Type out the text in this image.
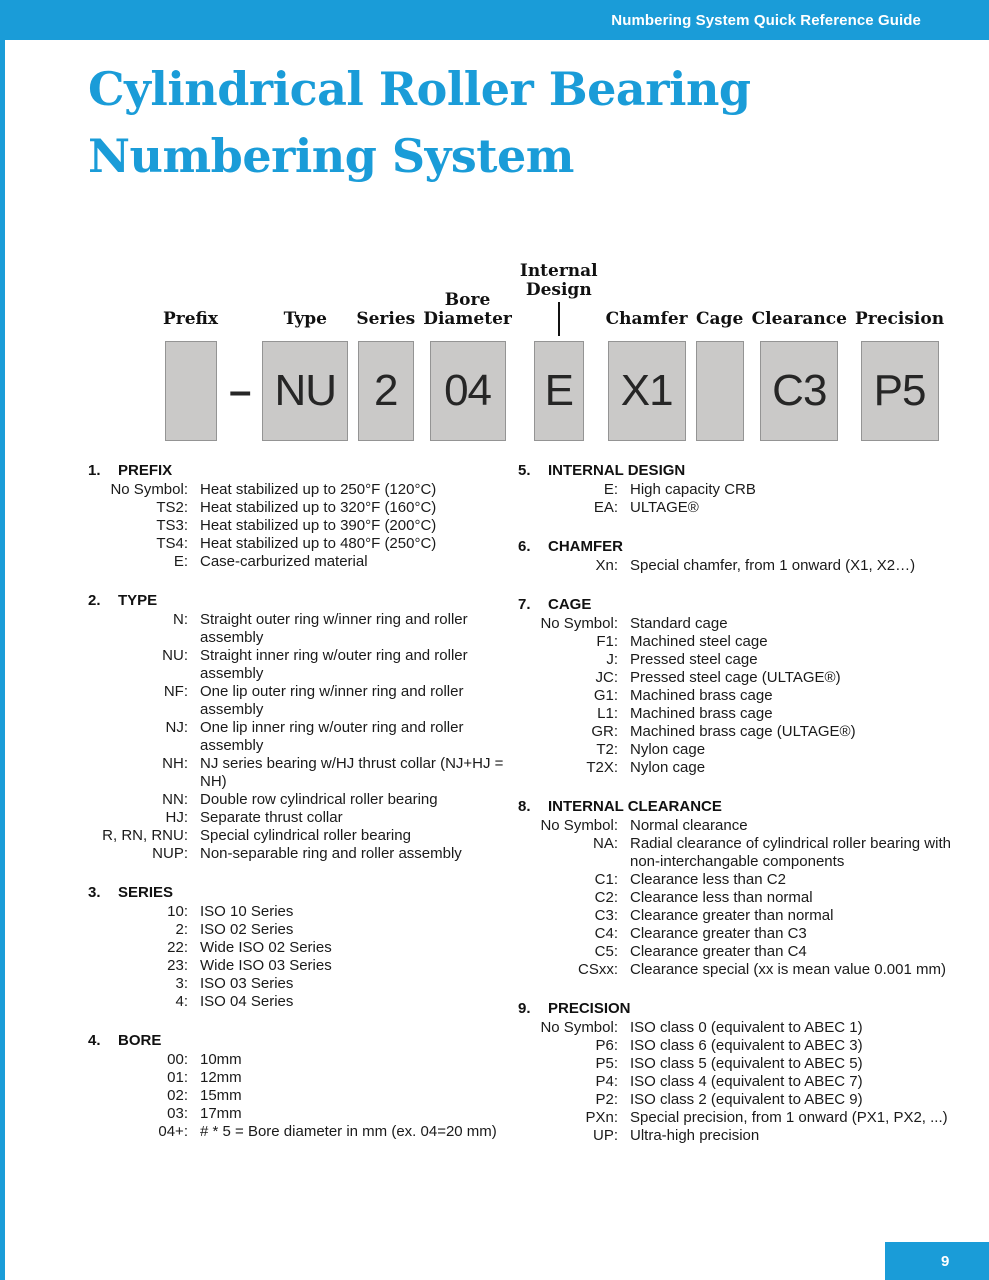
Numbering System Quick Reference Guide
Cylindrical Roller Bearing
Numbering System
Prefix
–
Type
NU
Series
2
Bore
Diameter
04
Internal
Design
E
Chamfer
X1
Cage Clearance
C3
Precision
P5
1.	PREFIX
No Symbol: Heat stabilized up to 250°F (120°C)
TS2: Heat stabilized up to 320°F (160°C)
TS3: Heat stabilized up to 390°F (200°C)
TS4: Heat stabilized up to 480°F (250°C)
E: Case-carburized material
2.	TYPE
N: Straight outer ring w/inner ring and roller assembly
NU: Straight inner ring w/outer ring and roller assembly
NF: One lip outer ring w/inner ring and roller assembly
NJ: One lip inner ring w/outer ring and roller assembly
NH: NJ series bearing w/HJ thrust collar (NJ+HJ = NH)
NN: Double row cylindrical roller bearing
HJ: Separate thrust collar
R, RN, RNU: Special cylindrical roller bearing
NUP: Non-separable ring and roller assembly
3.	SERIES
10: ISO 10 Series
2: ISO 02 Series
22: Wide ISO 02 Series
23: Wide ISO 03 Series
3: ISO 03 Series
4: ISO 04 Series
4.	BORE
00: 10mm
01: 12mm
02: 15mm
03: 17mm
04+: # * 5 = Bore diameter in mm (ex. 04=20 mm)
5.	INTERNAL DESIGN
E: High capacity CRB
EA: ULTAGE®
6.	CHAMFER
Xn: Special chamfer, from 1 onward (X1, X2…)
7.	CAGE
No Symbol: Standard cage
F1: Machined steel cage
J: Pressed steel cage
JC: Pressed steel cage (ULTAGE®)
G1: Machined brass cage
L1: Machined brass cage
GR: Machined brass cage (ULTAGE®)
T2: Nylon cage
T2X: Nylon cage
8.	INTERNAL CLEARANCE
No Symbol: Normal clearance
NA: Radial clearance of cylindrical roller bearing with non-interchangable components
C1: Clearance less than C2
C2: Clearance less than normal
C3: Clearance greater than normal
C4: Clearance greater than C3
C5: Clearance greater than C4
CSxx: Clearance special (xx is mean value 0.001 mm)
9.	PRECISION
No Symbol: ISO class 0 (equivalent to ABEC 1)
P6: ISO class 6 (equivalent to ABEC 3)
P5: ISO class 5 (equivalent to ABEC 5)
P4: ISO class 4 (equivalent to ABEC 7)
P2: ISO class 2 (equivalent to ABEC 9)
PXn: Special precision, from 1 onward (PX1, PX2, ...)
UP: Ultra-high precision
9
